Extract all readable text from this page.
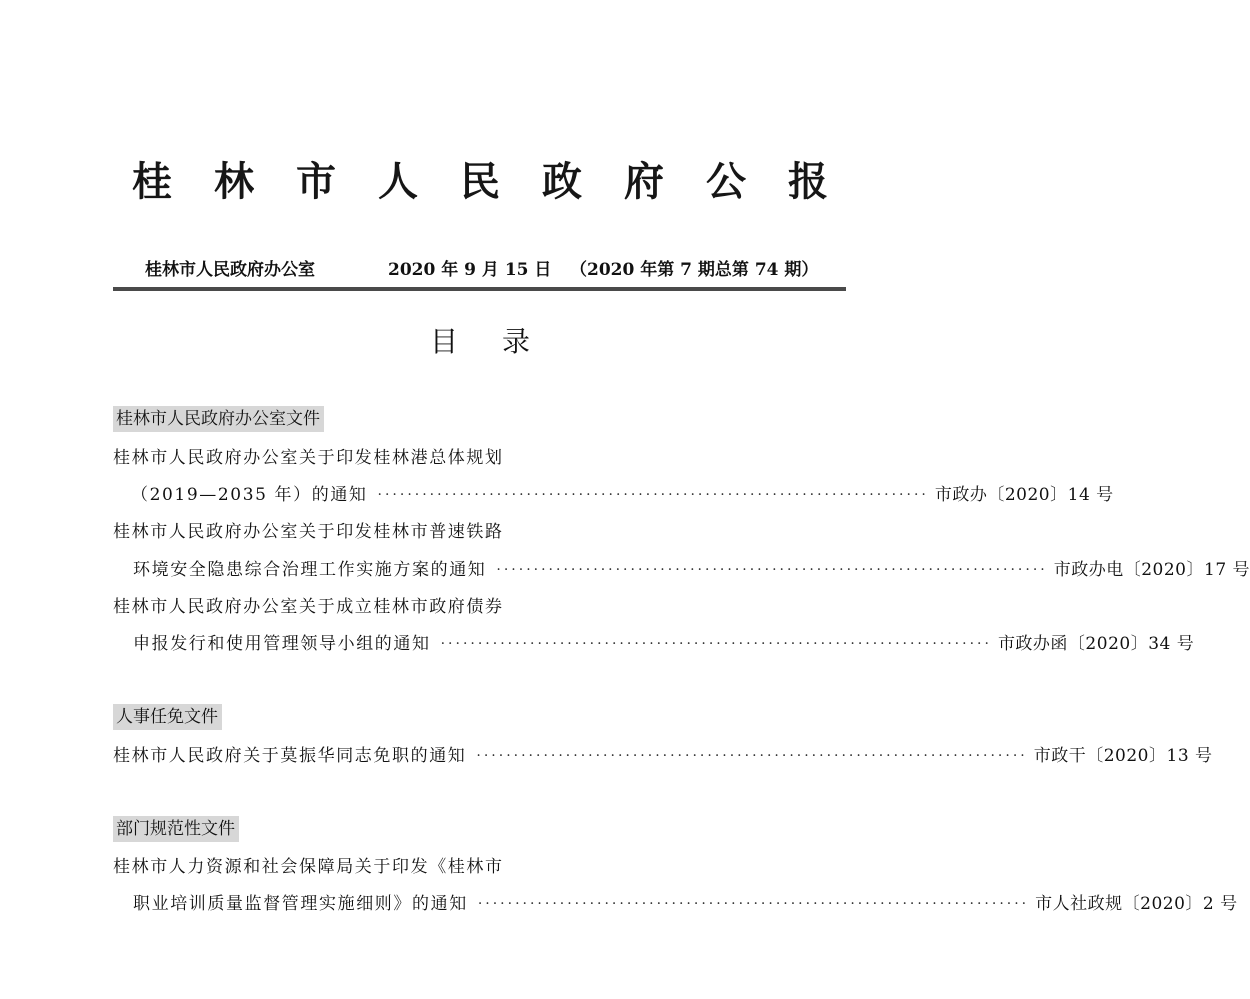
桂林市人民政府公报
桂林市人民政府办公室	2020 年 9 月 15 日 （2020 年第 7 期总第 74 期）
目录
桂林市人民政府办公室文件
桂林市人民政府办公室关于印发桂林港总体规划
（2019—2035 年）的通知 ·········································································· 市政办〔2020〕14 号
桂林市人民政府办公室关于印发桂林市普速铁路
环境安全隐患综合治理工作实施方案的通知 ·········································································· 市政办电〔2020〕17 号
桂林市人民政府办公室关于成立桂林市政府债券
申报发行和使用管理领导小组的通知 ·········································································· 市政办函〔2020〕34 号
人事任免文件
桂林市人民政府关于莫振华同志免职的通知 ·········································································· 市政干〔2020〕13 号
部门规范性文件
桂林市人力资源和社会保障局关于印发《桂林市
职业培训质量监督管理实施细则》的通知 ·········································································· 市人社政规〔2020〕2 号
